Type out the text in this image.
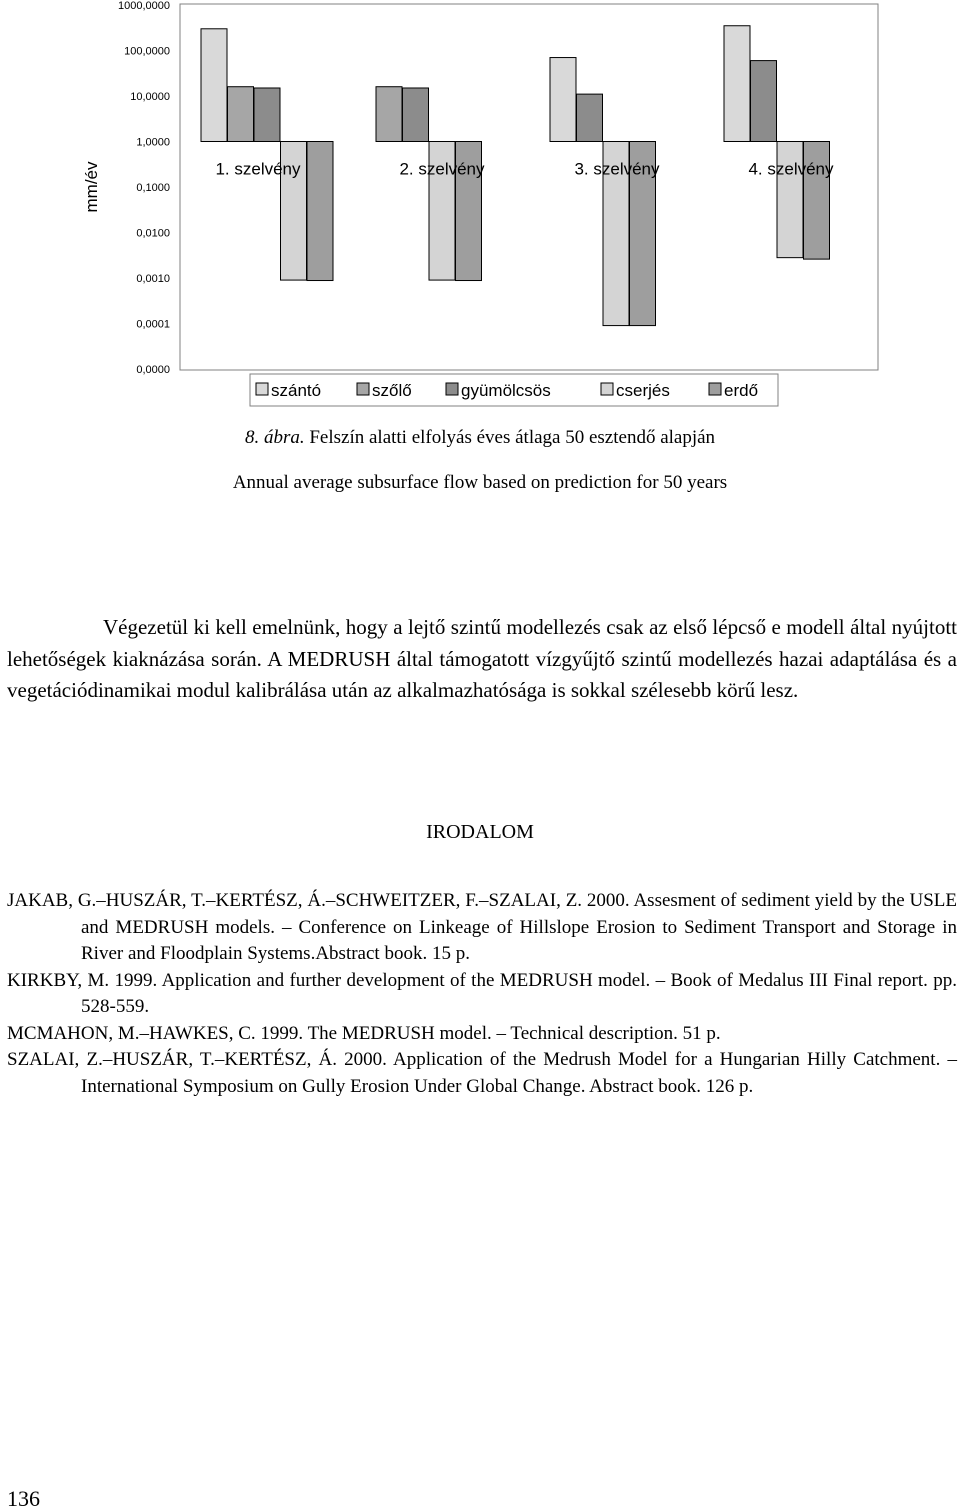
1000,0000
100,0000
10,0000
1,0000
0,1000
0,0100
0,0010
0,0001
0,0000
mm/év	1. szelvény	2. szelvény	3. szelvény	4. szelvény
szántó	szőlő	gyümölcsös	cserjés	erdő
8. ábra. Felszín alatti elfolyás éves átlaga 50 esztendő alapján
Annual average subsurface flow based on prediction for 50 years
Végezetül ki kell emelnünk, hogy a lejtő szintű modellezés csak az első lépcső e modell által nyújtott lehetőségek kiaknázása során. A MEDRUSH által támogatott vízgyűjtő szintű modellezés hazai adaptálása és a vegetációdinamikai modul kalibrálása után az alkalmazhatósága is sokkal szélesebb körű lesz.
IRODALOM

JAKAB, G.–HUSZÁR, T.–KERTÉSZ, Á.–SCHWEITZER, F.–SZALAI, Z. 2000. Assesment of sediment yield by the USLE and MEDRUSH models. – Conference on Linkeage of Hillslope Erosion to Sediment Transport and Storage in River and Floodplain Systems.Abstract book. 15 p.

KIRKBY, M. 1999. Application and further development of the MEDRUSH model. – Book of Medalus III Final report. pp. 528-559.

MCMAHON, M.–HAWKES, C. 1999. The MEDRUSH model. – Technical description. 51 p.

SZALAI, Z.–HUSZÁR, T.–KERTÉSZ, Á. 2000. Application of the Medrush Model for a Hungarian Hilly Catchment. – International Symposium on Gully Erosion Under Global Change. Abstract book. 126 p.

136
